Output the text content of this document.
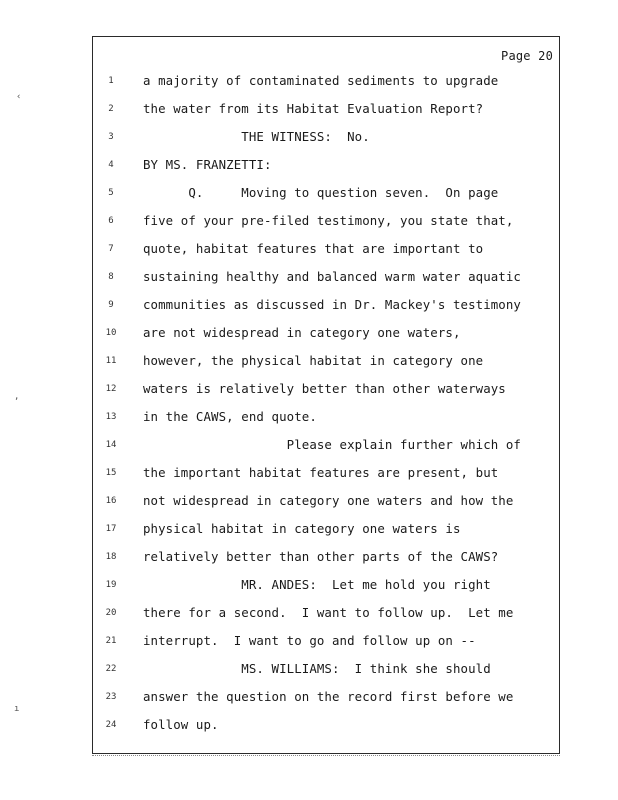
Page 20
1	a majority of contaminated sediments to upgrade
2	the water from its Habitat Evaluation Report?
3	THE WITNESS:  No.
4	BY MS. FRANZETTI:
5	Q.     Moving to question seven.  On page
6	five of your pre-filed testimony, you state that,
7	quote, habitat features that are important to
8	sustaining healthy and balanced warm water aquatic
9	communities as discussed in Dr. Mackey's testimony
10	are not widespread in category one waters,
11	however, the physical habitat in category one
12	waters is relatively better than other waterways
13	in the CAWS, end quote.
14	Please explain further which of
15	the important habitat features are present, but
16	not widespread in category one waters and how the
17	physical habitat in category one waters is
18	relatively better than other parts of the CAWS?
19	MR. ANDES:  Let me hold you right
20	there for a second.  I want to follow up.  Let me
21	interrupt.  I want to go and follow up on --
22	MS. WILLIAMS:  I think she should
23	answer the question on the record first before we
24	follow up.
‹
‚
ı
